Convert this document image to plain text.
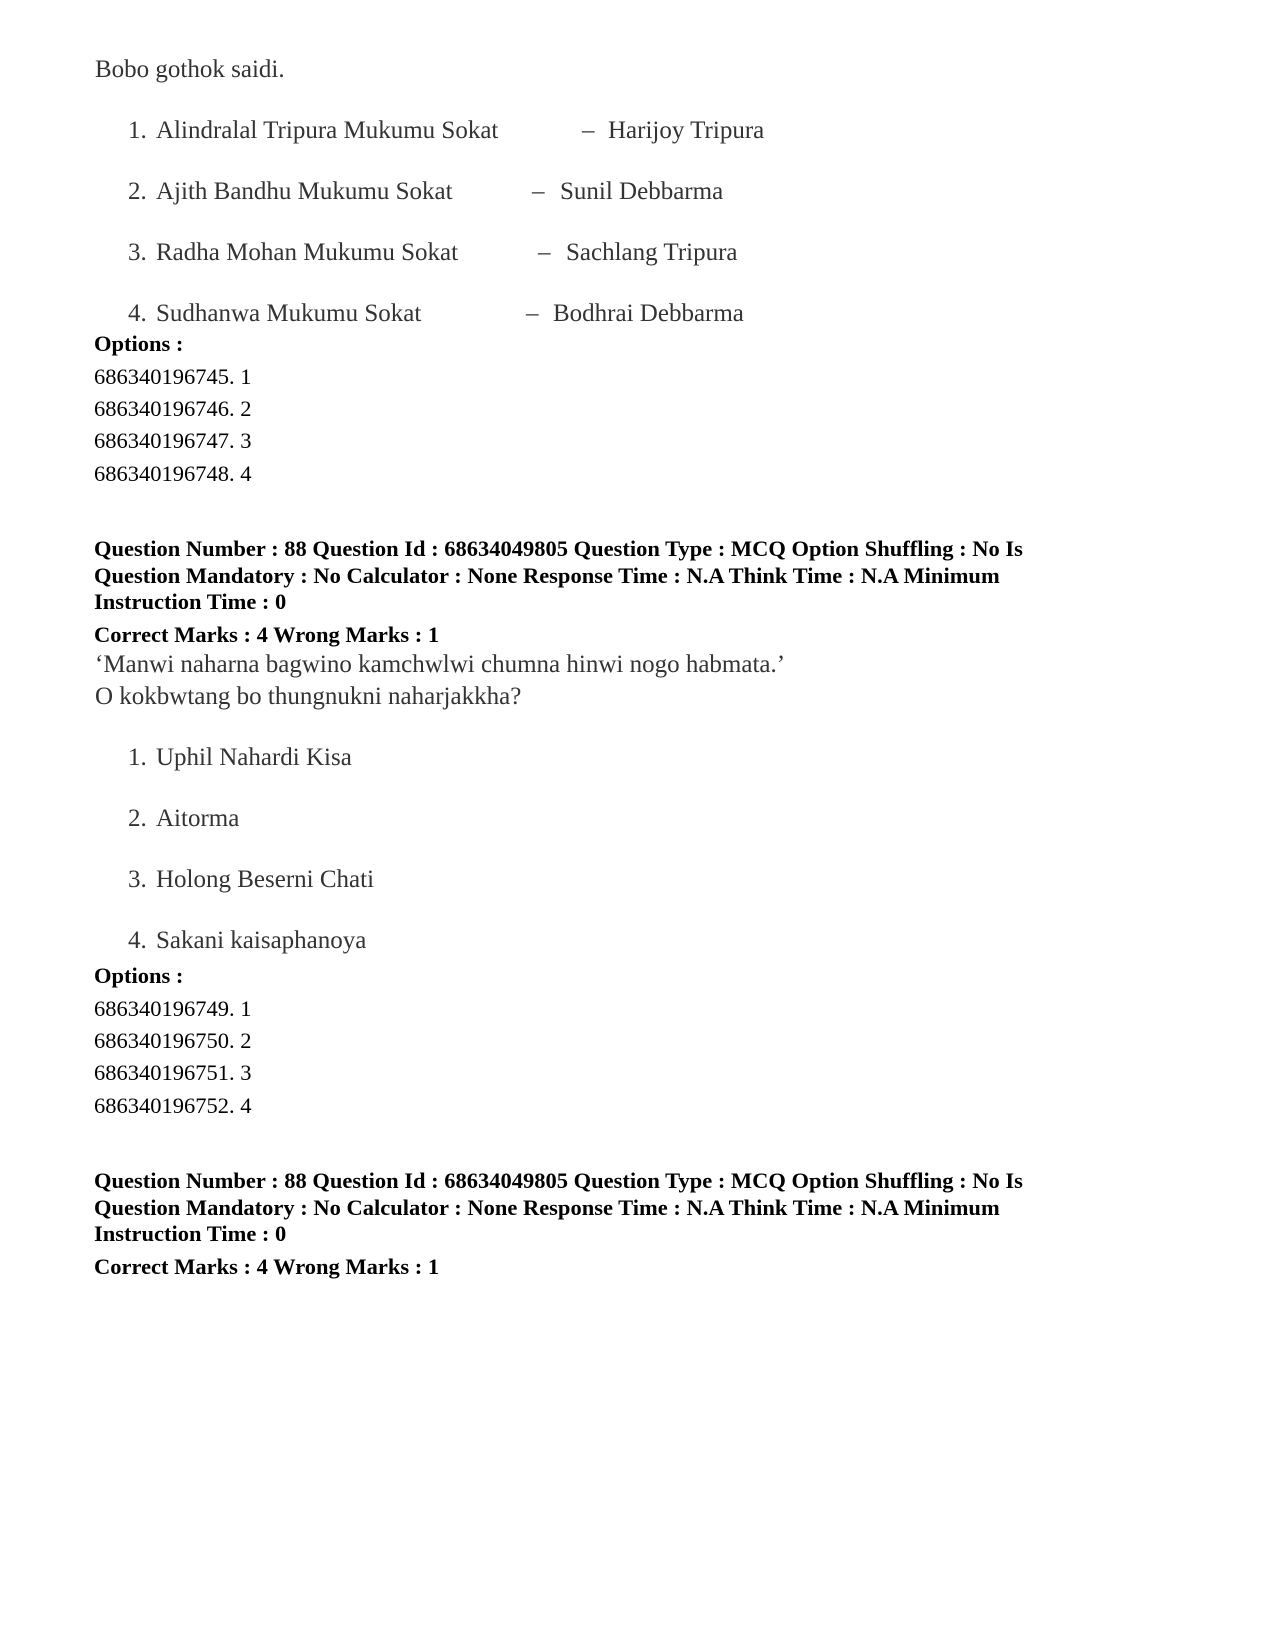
Bobo gothok saidi.
1. Alindralal Tripura Mukumu Sokat	– Harijoy Tripura
2. Ajith Bandhu Mukumu Sokat	– Sunil Debbarma
3. Radha Mohan Mukumu Sokat	– Sachlang Tripura
4. Sudhanwa Mukumu Sokat	– Bodhrai Debbarma
Options :
686340196745. 1
686340196746. 2
686340196747. 3
686340196748. 4
Question Number : 88 Question Id : 68634049805 Question Type : MCQ Option Shuffling : No Is
Question Mandatory : No Calculator : None Response Time : N.A Think Time : N.A Minimum
Instruction Time : 0
Correct Marks : 4 Wrong Marks : 1
‘Manwi naharna bagwino kamchwlwi chumna hinwi nogo habmata.’
O kokbwtang bo thungnukni naharjakkha?
1. Uphil Nahardi Kisa
2. Aitorma
3. Holong Beserni Chati
4. Sakani kaisaphanoya
Options :
686340196749. 1
686340196750. 2
686340196751. 3
686340196752. 4
Question Number : 88 Question Id : 68634049805 Question Type : MCQ Option Shuffling : No Is
Question Mandatory : No Calculator : None Response Time : N.A Think Time : N.A Minimum
Instruction Time : 0
Correct Marks : 4 Wrong Marks : 1
